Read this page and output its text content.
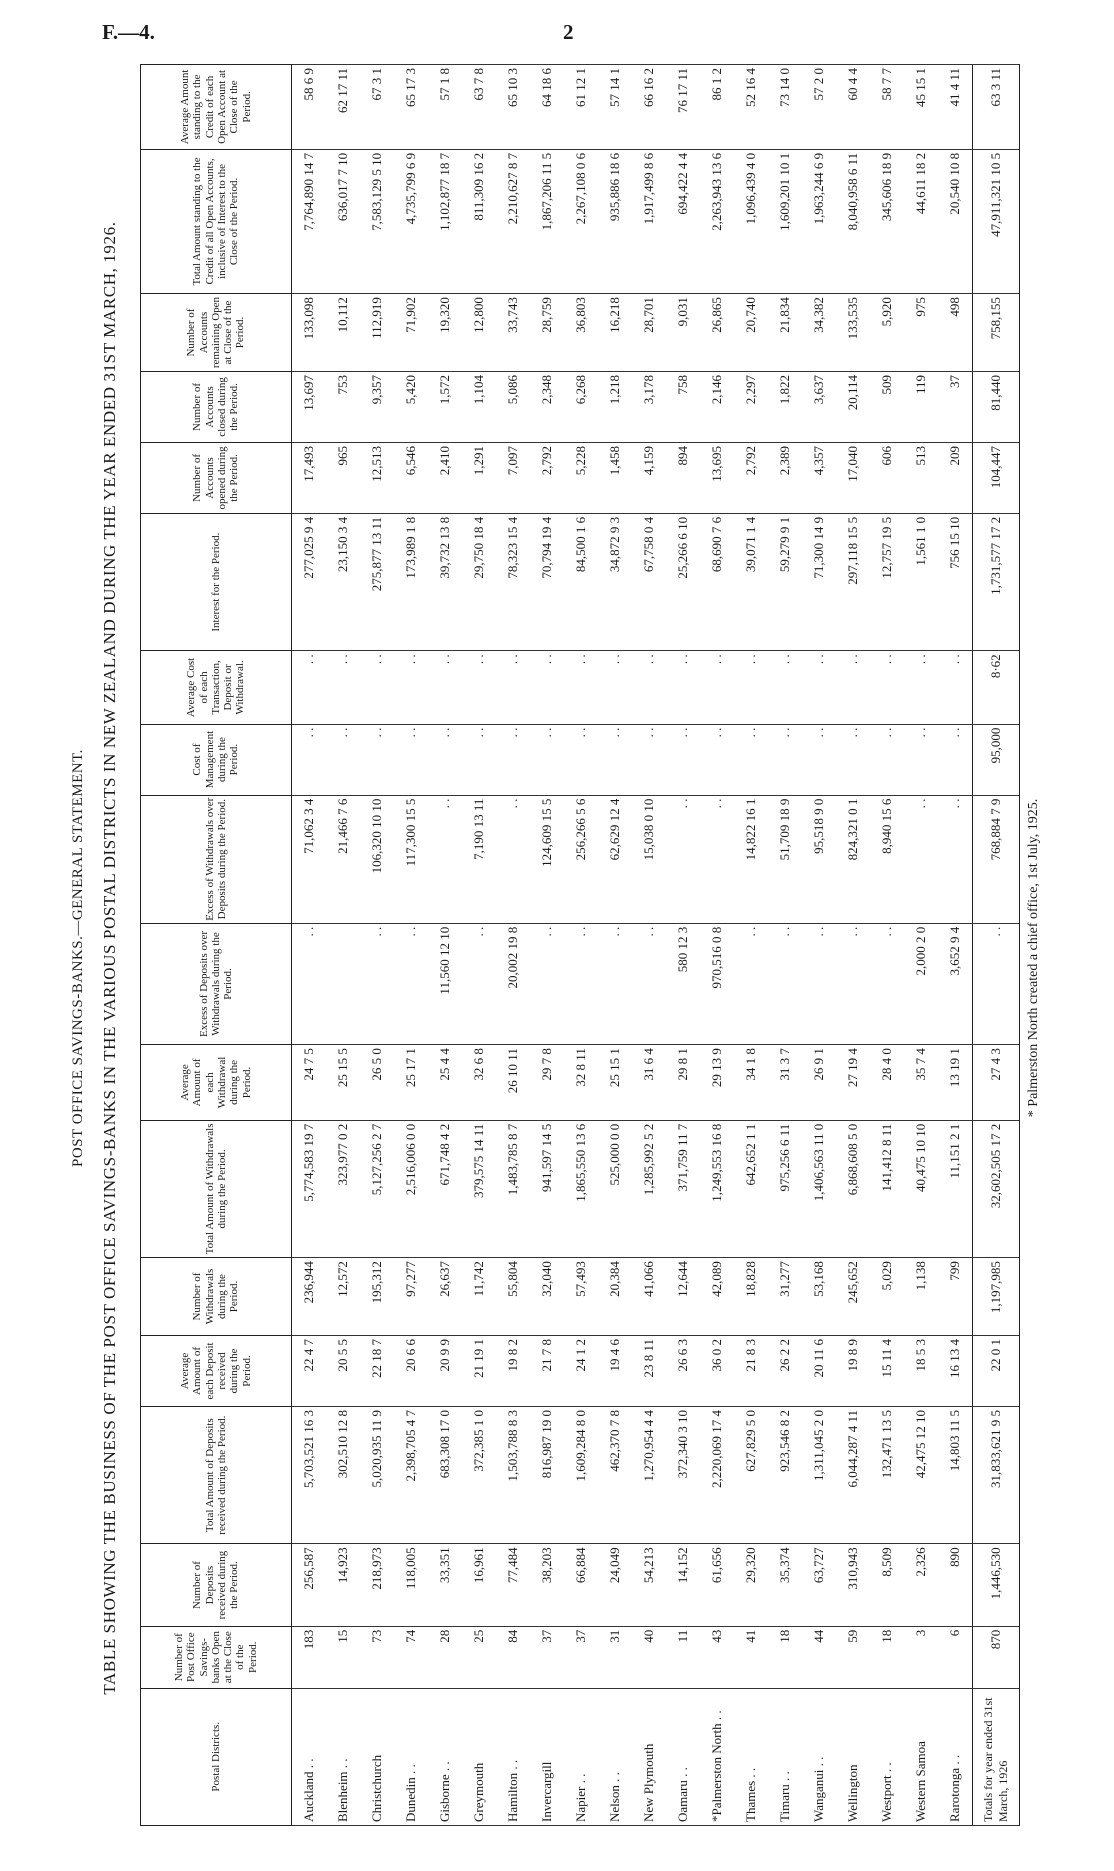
F.—4.	2
POST OFFICE SAVINGS-BANKS.—GENERAL STATEMENT. TABLE SHOWING THE BUSINESS OF THE POST OFFICE SAVINGS-BANKS IN THE VARIOUS POSTAL DISTRICTS IN NEW ZEALAND DURING THE YEAR ENDED 31ST MARCH, 1926.
Postal Districts.	Number of Post Office Savings-banks Open at the Close of the Period.	Number of Deposits received during the Period.	Total Amount of Deposits received during the Period.	Average Amount of each Deposit received during the Period.	Number of Withdrawals during the Period.	Total Amount of Withdrawals during the Period.	Average Amount of each Withdrawal during the Period.	Excess of Deposits over Withdrawals during the Period.	Excess of Withdrawals over Deposits during the Period.	Cost of Management during the Period.	Average Cost of each Transaction, Deposit or Withdrawal.	Interest for the Period.	Number of Accounts opened during the Period.	Number of Accounts closed during the Period.	Number of Accounts remaining Open at Close of the Period.	Total Amount standing to the Credit of all Open Accounts, inclusive of Interest to the Close of the Period.	Average Amount standing to the Credit of each Open Account at Close of the Period.
Auckland . .	183	256,587	5,703,521 16 3	22 4 7	236,944	5,774,583 19 7	24 7 5	. .	71,062 3 4	. .	. .	277,025 9 4	17,493	13,697	133,098	7,764,890 14 7	58 6 9
Blenheim . .	15	14,923	302,510 12 8	20 5 5	12,572	323,977 0 2	25 15 5		21,466 7 6	. .	. .	23,150 3 4	965	753	10,112	636,017 7 10	62 17 11
Christchurch	73	218,973	5,020,935 11 9	22 18 7	195,312	5,127,256 2 7	26 5 0	. .	106,320 10 10	. .	. .	275,877 13 11	12,513	9,357	112,919	7,583,129 5 10	67 3 1
Dunedin . .	74	118,005	2,398,705 4 7	20 6 6	97,277	2,516,006 0 0	25 17 1	. .	117,300 15 5	. .	. .	173,989 1 8	6,546	5,420	71,902	4,735,799 6 9	65 17 3
Gisborne . .	28	33,351	683,308 17 0	20 9 9	26,637	671,748 4 2	25 4 4	11,560 12 10	. .	. .	. .	39,732 13 8	2,410	1,572	19,320	1,102,877 18 7	57 1 8
Greymouth	25	16,961	372,385 1 0	21 19 1	11,742	379,575 14 11	32 6 8	. .	7,190 13 11	. .	. .	29,750 18 4	1,291	1,104	12,800	811,309 16 2	63 7 8
Hamilton . .	84	77,484	1,503,788 8 3	19 8 2	55,804	1,483,785 8 7	26 10 11	20,002 19 8	. .	. .	. .	78,323 15 4	7,097	5,086	33,743	2,210,627 8 7	65 10 3
Invercargill	37	38,203	816,987 19 0	21 7 8	32,040	941,597 14 5	29 7 8	. .	124,609 15 5	. .	. .	70,794 19 4	2,792	2,348	28,759	1,867,206 11 5	64 18 6
Napier . .	37	66,884	1,609,284 8 0	24 1 2	57,493	1,865,550 13 6	32 8 11	. .	256,266 5 6	. .	. .	84,500 1 6	5,228	6,268	36,803	2,267,108 0 6	61 12 1
Nelson . .	31	24,049	462,370 7 8	19 4 6	20,384	525,000 0 0	25 15 1	. .	62,629 12 4	. .	. .	34,872 9 3	1,458	1,218	16,218	935,886 18 6	57 14 1
New Plymouth	40	54,213	1,270,954 4 4	23 8 11	41,066	1,285,992 5 2	31 6 4	. .	15,038 0 10	. .	. .	67,758 0 4	4,159	3,178	28,701	1,917,499 8 6	66 16 2
Oamaru . .	11	14,152	372,340 3 10	26 6 3	12,644	371,759 11 7	29 8 1	580 12 3	. .	. .	. .	25,266 6 10	894	758	9,031	694,422 4 4	76 17 11
*Palmerston North . .	43	61,656	2,220,069 17 4	36 0 2	42,089	1,249,553 16 8	29 13 9	970,516 0 8	. .	. .	. .	68,690 7 6	13,695	2,146	26,865	2,263,943 13 6	86 1 2
Thames . .	41	29,320	627,829 5 0	21 8 3	18,828	642,652 1 1	34 1 8	. .	14,822 16 1	. .	. .	39,071 1 4	2,792	2,297	20,740	1,096,439 4 0	52 16 4
Timaru . .	18	35,374	923,546 8 2	26 2 2	31,277	975,256 6 11	31 3 7	. .	51,709 18 9	. .	. .	59,279 9 1	2,389	1,822	21,834	1,609,201 10 1	73 14 0
Wanganui . .	44	63,727	1,311,045 2 0	20 11 6	53,168	1,406,563 11 0	26 9 1	. .	95,518 9 0	. .	. .	71,300 14 9	4,357	3,637	34,382	1,963,244 6 9	57 2 0
Wellington	59	310,943	6,044,287 4 11	19 8 9	245,652	6,868,608 5 0	27 19 4	. .	824,321 0 1	. .	. .	297,118 15 5	17,040	20,114	133,535	8,040,958 6 11	60 4 4
Westport . .	18	8,509	132,471 13 5	15 11 4	5,029	141,412 8 11	28 4 0	. .	8,940 15 6	. .	. .	12,757 19 5	606	509	5,920	345,606 18 9	58 7 7
Western Samoa	3	2,326	42,475 12 10	18 5 3	1,138	40,475 10 10	35 7 4	2,000 2 0	. .	. .	. .	1,561 1 0	513	119	975	44,611 18 2	45 15 1
Rarotonga . .	6	890	14,803 11 5	16 13 4	799	11,151 2 1	13 19 1	3,652 9 4	. .	. .	. .	756 15 10	209	37	498	20,540 10 8	41 4 11
Totals for year ended 31st March, 1926	870	1,446,530	31,833,621 9 5	22 0 1	1,197,985	32,602,505 17 2	27 4 3	. .	768,884 7 9	95,000	8·62	1,731,577 17 2	104,447	81,440	758,155	47,911,321 10 5	63 3 11
* Palmerston North created a chief office, 1st July, 1925.
